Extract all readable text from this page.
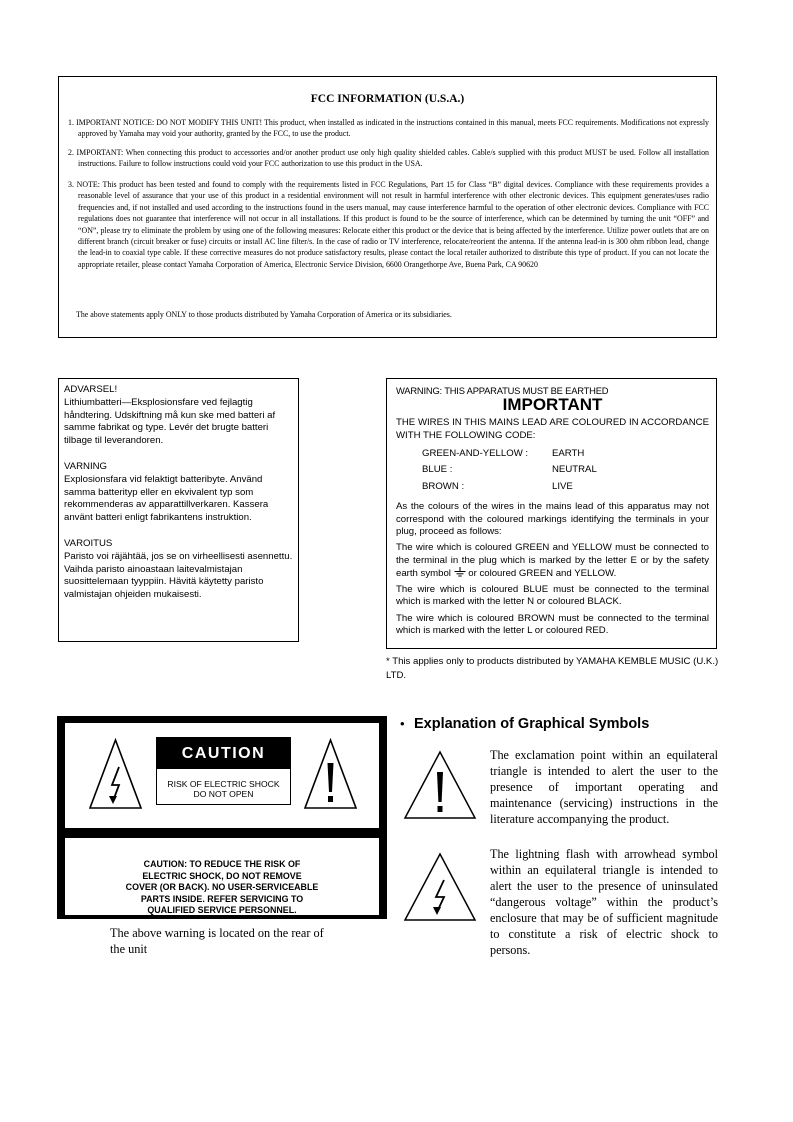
FCC INFORMATION (U.S.A.)
1. IMPORTANT NOTICE: DO NOT MODIFY THIS UNIT! This product, when installed as indicated in the instructions contained in this manual, meets FCC requirements. Modifications not expressly approved by Yamaha may void your authority, granted by the FCC, to use the product.
2. IMPORTANT: When connecting this product to accessories and/or another product use only high quality shielded cables. Cable/s supplied with this product MUST be used. Follow all installation instructions. Failure to follow instructions could void your FCC authorization to use this product in the USA.
3. NOTE: This product has been tested and found to comply with the requirements listed in FCC Regulations, Part 15 for Class “B” digital devices. Compliance with these requirements provides a reasonable level of assurance that your use of this product in a residential environment will not result in harmful interference with other electronic devices. This equipment generates/uses radio frequencies and, if not installed and used according to the instructions found in the users manual, may cause interference harmful to the operation of other electronic devices. Compliance with FCC regulations does not guarantee that interference will not occur in all installations. If this product is found to be the source of interference, which can be determined by turning the unit “OFF” and “ON”, please try to eliminate the problem by using one of the following measures: Relocate either this product or the device that is being affected by the interference. Utilize power outlets that are on different branch (circuit breaker or fuse) circuits or install AC line filter/s. In the case of radio or TV interference, relocate/reorient the antenna. If the antenna lead-in is 300 ohm ribbon lead, change the lead-in to coaxial type cable. If these corrective measures do not produce satisfactory results, please contact the local retailer authorized to distribute this type of product. If you can not locate the appropriate retailer, please contact Yamaha Corporation of America, Electronic Service Division, 6600 Orangethorpe Ave, Buena Park, CA 90620
The above statements apply ONLY to those products distributed by Yamaha Corporation of America or its subsidiaries.
ADVARSEL!
Lithiumbatteri—Eksplosionsfare ved fejlagtig håndtering. Udskiftning må kun ske med batteri af samme fabrikat og type. Levér det brugte batteri tilbage til leverandoren.
VARNING
Explosionsfara vid felaktigt batteribyte. Använd samma batterityp eller en ekvivalent typ som rekommenderas av apparattillverkaren. Kassera använt batteri enligt fabrikantens instruktion.
VAROITUS
Paristo voi räjähtää, jos se on virheellisesti asennettu. Vaihda paristo ainoastaan laitevalmistajan suosittelemaan tyyppiin. Hävitä käytetty paristo valmistajan ohjeiden mukaisesti.
WARNING: THIS APPARATUS MUST BE EARTHED
IMPORTANT
THE WIRES IN THIS MAINS LEAD ARE COLOURED IN ACCORDANCE WITH THE FOLLOWING CODE:
GREEN-AND-YELLOW :	EARTH
BLUE :	NEUTRAL
BROWN :	LIVE
As the colours of the wires in the mains lead of this apparatus may not correspond with the coloured markings identifying the terminals in your plug, proceed as follows:
The wire which is coloured GREEN and YELLOW must be connected to the terminal in the plug which is marked by the letter E or by the safety earth symbol or coloured GREEN and YELLOW.
The wire which is coloured BLUE must be connected to the terminal which is marked with the letter N or coloured BLACK.
The wire which is coloured BROWN must be connected to the terminal which is marked with the letter L or coloured RED.
* This applies only to products distributed by YAMAHA KEMBLE MUSIC (U.K.) LTD.
CAUTION
RISK OF ELECTRIC SHOCK
DO NOT OPEN
CAUTION: TO REDUCE THE RISK OF
ELECTRIC SHOCK, DO NOT REMOVE
COVER (OR BACK). NO USER-SERVICEABLE
PARTS INSIDE. REFER SERVICING TO
QUALIFIED SERVICE PERSONNEL.
The above warning is located on the rear of the unit
• Explanation of Graphical Symbols
The exclamation point within an equilateral triangle is intended to alert the user to the presence of important operating and maintenance (servicing) instructions in the literature accompanying the product.
The lightning flash with arrowhead symbol within an equilateral triangle is intended to alert the user to the presence of uninsulated “dangerous voltage” within the product’s enclosure that may be of sufficient magnitude to constitute a risk of electric shock to persons.
